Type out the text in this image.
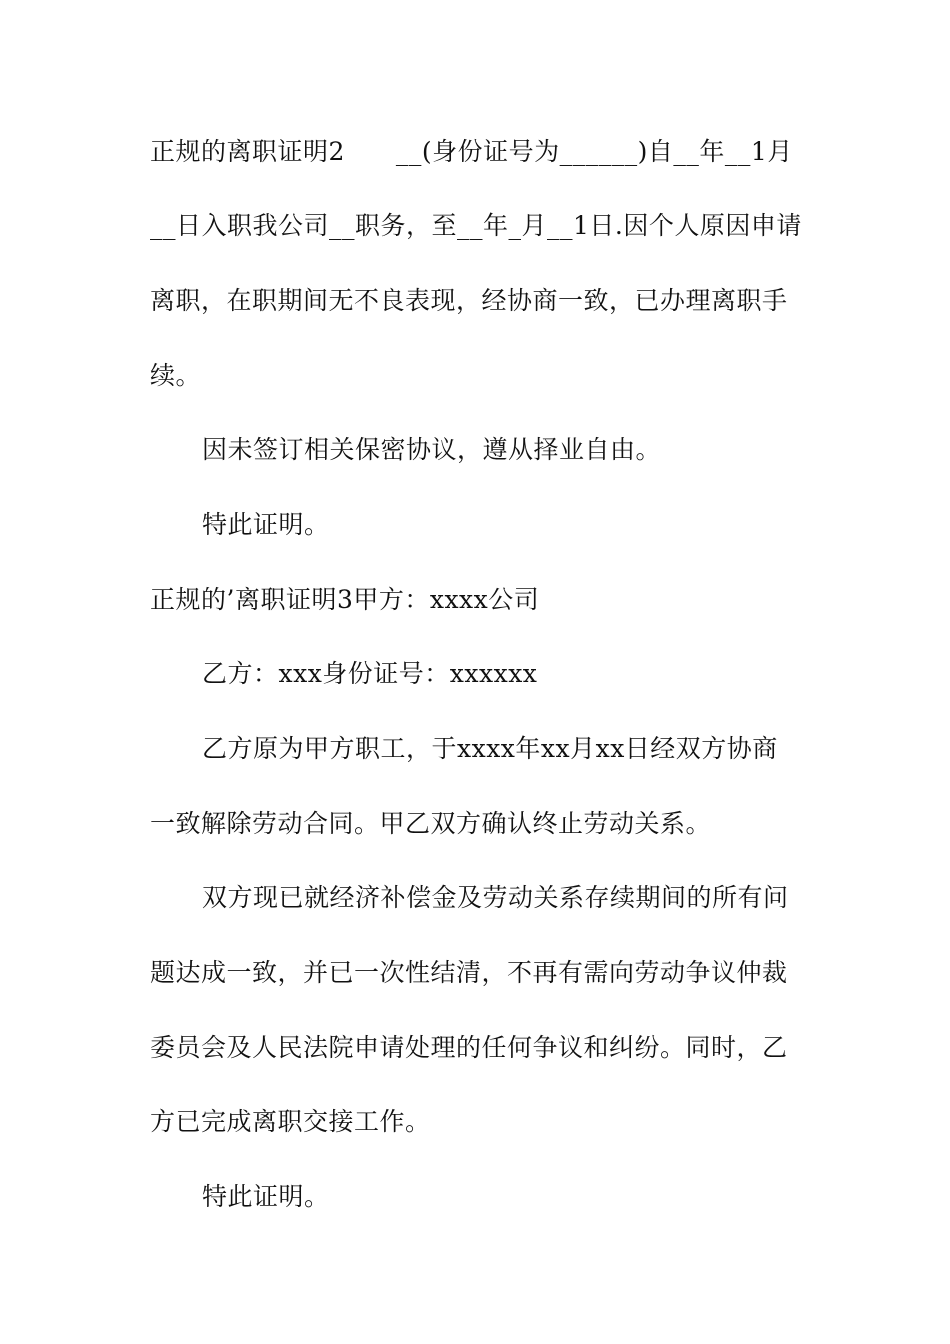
正规的离职证明2　　__(身份证号为______)自__年__1月
__日入职我公司__职务，至__年_月__1日.因个人原因申请
离职，在职期间无不良表现，经协商一致，已办理离职手
续。
因未签订相关保密协议，遵从择业自由。
特此证明。
正规的’离职证明3甲方：xxxx公司
乙方：xxx身份证号：xxxxxx
乙方原为甲方职工，于xxxx年xx月xx日经双方协商
一致解除劳动合同。甲乙双方确认终止劳动关系。
双方现已就经济补偿金及劳动关系存续期间的所有问
题达成一致，并已一次性结清，不再有需向劳动争议仲裁
委员会及人民法院申请处理的任何争议和纠纷。同时，乙
方已完成离职交接工作。
特此证明。
